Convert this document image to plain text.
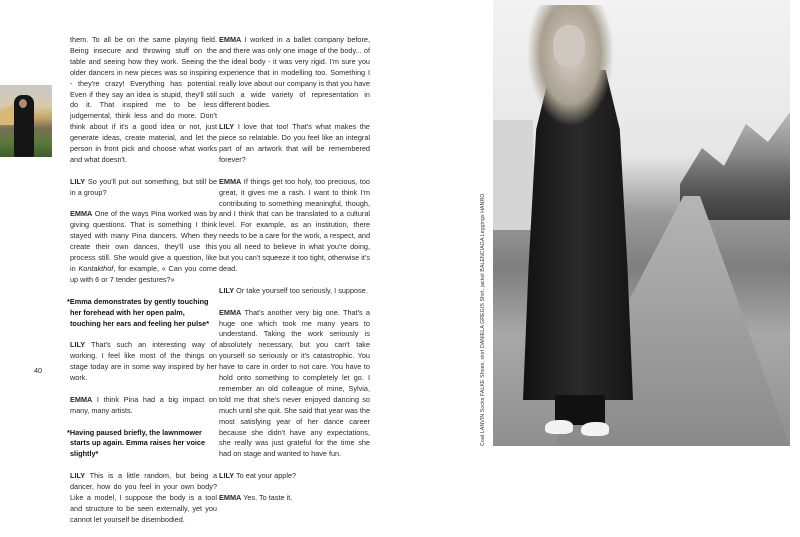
40

them. To all be on the same playing field. Being insecure and throwing stuff on the table and seeing how they work. Seeing the older dancers in new pieces was so inspiring - they're crazy! Everything has potential. Even if they say an idea is stupid, they'll still do it. That inspired me to be less judgemental, think less and do more. Don't think about if it's a good idea or not, just generate ideas, create material, and let the person in front pick and choose what works and what doesn't.

LILY So you'll put out something, but still be in a group?

EMMA One of the ways Pina worked was by giving questions. That is something I think stayed with many Pina dancers. When they create their own dances, they'll use this process still. She would give a question, like in Kontakthof, for example, « Can you come up with 6 or 7 tender gestures?»

*Emma demonstrates by gently touching her forehead with her open palm, touching her ears and feeling her pulse*

LILY That's such an interesting way of working. I feel like most of the things on stage today are in some way inspired by her work.

EMMA I think Pina had a big impact on many, many artists.

*Having paused briefly, the lawnmower starts up again. Emma raises her voice slightly*

LILY This is a little random, but being a dancer, how do you feel in your own body? Like a model, I suppose the body is a tool and structure to be seen externally, yet you cannot let yourself be disembodied.

EMMA I worked in a ballet company before, and there was only one image of the body... of the ideal body - it was very rigid. I'm sure you experience that in modelling too. Something I really love about our company is that you have such a wide variety of representation in different bodies.

LILY I love that too! That's what makes the piece so relatable. Do you feel like an integral part of an artwork that will be remembered forever?

EMMA If things get too holy, too precious, too great, it gives me a rash. I want to think I'm contributing to something meaningful, though, and I think that can be translated to a cultural level. For example, as an institution, there needs to be a care for the work, a respect, and you all need to believe in what you're doing, but you can't squeeze it too tight, otherwise it's dead.

LILY Or take yourself too seriously, I suppose.

EMMA That's another very big one. That's a huge one which took me many years to understand. Taking the work seriously is absolutely necessary, but you can't take yourself so seriously or it's catastrophic. You have to care in order to not care. You have to hold onto something to completely let go. I remember an old colleague of mine, Sylvia, told me that she's never enjoyed dancing so much until she quit. She said that year was the most satisfying year of her dance career because she didn't have any expectations, she really was just grateful for the time she had on stage and wanted to have fun.

LILY To eat your apple?

EMMA Yes. To taste it.

Coat LANVIN Socks FALKE Shoes, skirt DANIELA GREGIS Shirt, jacket BALENCIAGA Leggings HANRO
